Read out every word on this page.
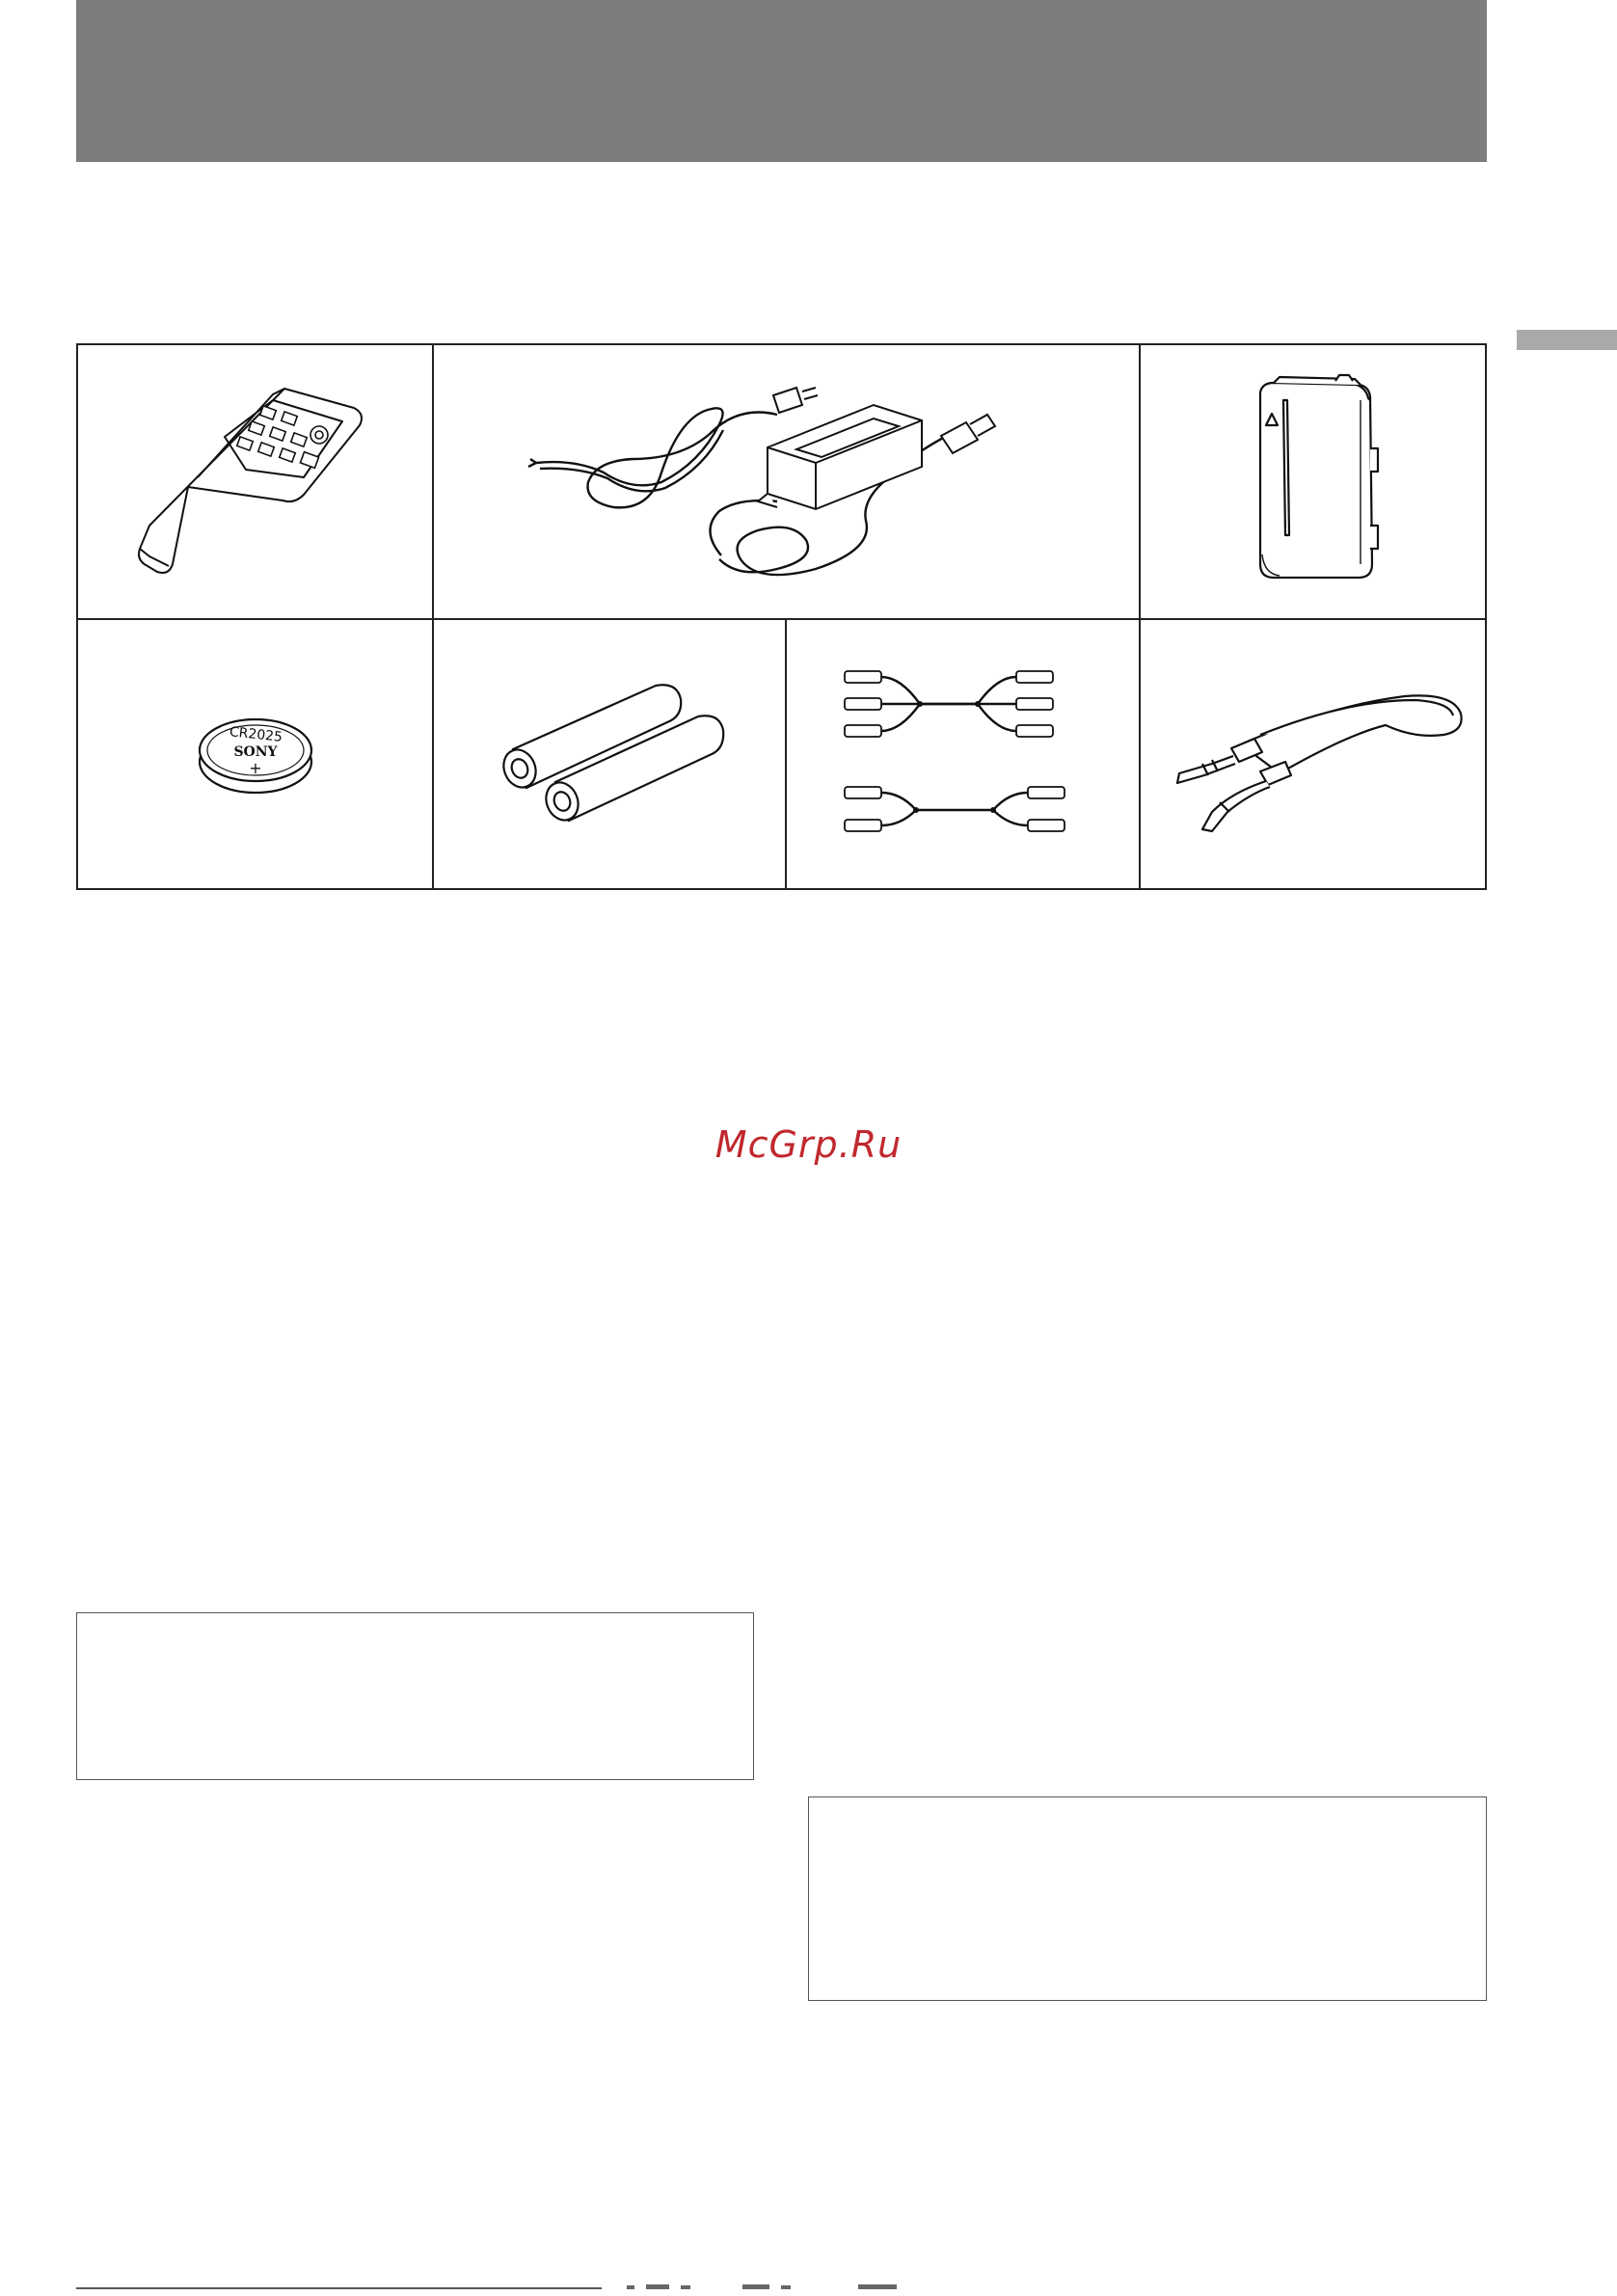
CR2025
SONY
+
McGrp.Ru
